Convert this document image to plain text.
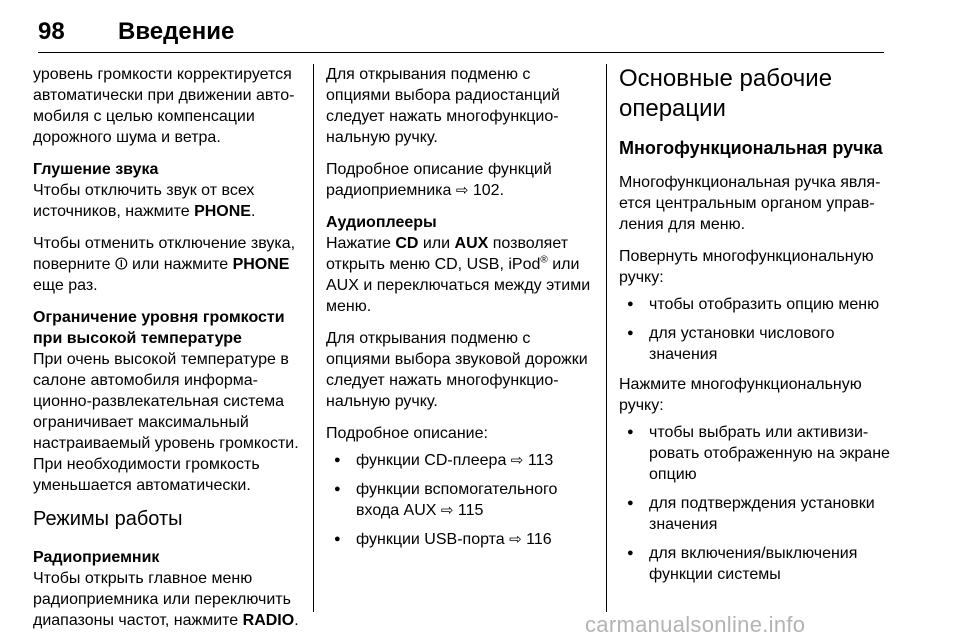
98 Введение

уровень громкости корректируется автоматически при движении автомобиля с целью компенсации дорожного шума и ветра.

Глушение звука

Чтобы отключить звук от всех источников, нажмите PHONE.

Чтобы отменить отключение звука, поверните ⏼ или нажмите PHONE еще раз.

Ограничение уровня громкости при высокой температуре

При очень высокой температуре в салоне автомобиля информационно-развлекательная система ограничивает максимальный настраиваемый уровень громкости. При необходимости громкость уменьшается автоматически.

Режимы работы
Радиоприемник

Чтобы открыть главное меню радиоприемника или переключить диапазоны частот, нажмите RADIO.

Для открывания подменю с опциями выбора радиостанций следует нажать многофункциональную ручку.

Подробное описание функций радиоприемника ⇨ 102.

Аудиоплееры

Нажатие CD или AUX позволяет открыть меню CD, USB, iPod® или AUX и переключаться между этими меню.

Для открывания подменю с опциями выбора звуковой дорожки следует нажать многофункциональную ручку.

Подробное описание:

● функции CD-плеера ⇨ 113
● функции вспомогательного входа AUX ⇨ 115
● функции USB-порта ⇨ 116
Основные рабочие операции
Многофункциональная ручка

Многофункциональная ручка является центральным органом управления для меню.

Повернуть многофункциональную ручку:

● чтобы отобразить опцию меню
● для установки числового значения

Нажмите многофункциональную ручку:

● чтобы выбрать или активизировать отображенную на экране опцию
● для подтверждения установки значения
● для включения/выключения функции системы
carmanualsonline.info
